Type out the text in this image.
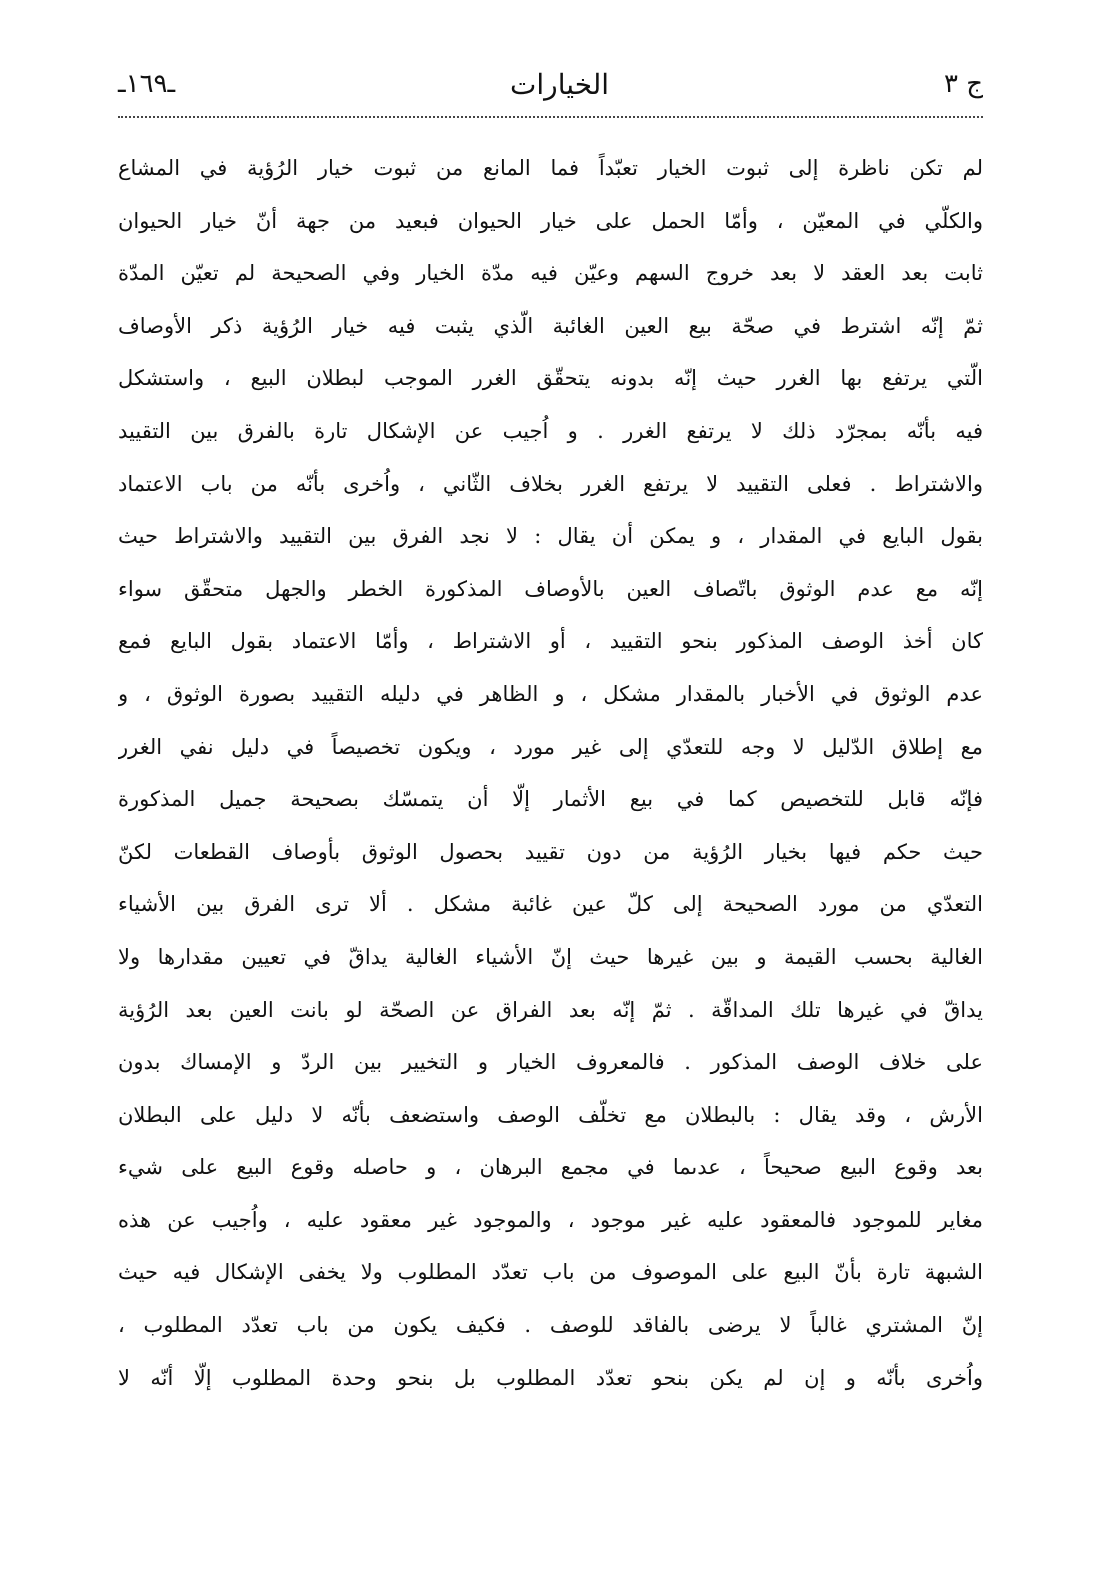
ج ٣
الخيارات
ـ١٦٩ـ
لم تكن ناظرة إلى ثبوت الخيار تعبّداً فما المانع من ثبوت خيار الرُؤية في المشاع
والكلّي في المعيّن ، وأمّا الحمل على خيار الحيوان فبعيد من جهة أنّ خيار الحيوان
ثابت بعد العقد لا بعد خروج السهم وعيّن فيه مدّة الخيار وفي الصحيحة لم تعيّن المدّة
ثمّ إنّه اشترط في صحّة بيع العين الغائبة الّذي يثبت فيه خيار الرُؤية ذكر الأوصاف
الّتي يرتفع بها الغرر حيث إنّه بدونه يتحقّق الغرر الموجب لبطلان البيع ، واستشكل
فيه بأنّه بمجرّد ذلك لا يرتفع الغرر . و اُجيب عن الإشكال تارة بالفرق بين التقييد
والاشتراط . فعلى التقييد لا يرتفع الغرر بخلاف الثّاني ، واُخرى بأنّه من باب الاعتماد
بقول البايع في المقدار ، و يمكن أن يقال : لا نجد الفرق بين التقييد والاشتراط حيث
إنّه مع عدم الوثوق باتّصاف العين بالأوصاف المذكورة الخطر والجهل متحقّق سواء
كان أخذ الوصف المذكور بنحو التقييد ، أو الاشتراط ، وأمّا الاعتماد بقول البايع فمع
عدم الوثوق في الأخبار بالمقدار مشكل ، و الظاهر في دليله التقييد بصورة الوثوق ، و
مع إطلاق الدّليل لا وجه للتعدّي إلى غير مورد ، ويكون تخصيصاً في دليل نفي الغرر
فإنّه قابل للتخصيص كما في بيع الأثمار إلّا أن يتمسّك بصحيحة جميل المذكورة
حيث حكم فيها بخيار الرُؤية من دون تقييد بحصول الوثوق بأوصاف القطعات لكنّ
التعدّي من مورد الصحيحة إلى كلّ عين غائبة مشكل . ألا ترى الفرق بين الأشياء
الغالية بحسب القيمة و بين غيرها حيث إنّ الأشياء الغالية يداقّ في تعيين مقدارها ولا
يداقّ في غيرها تلك المداقّة . ثمّ إنّه بعد الفراق عن الصحّة لو بانت العين بعد الرُؤية
على خلاف الوصف المذكور . فالمعروف الخيار و التخيير بين الردّ و الإمساك بدون
الأرش ، وقد يقال : بالبطلان مع تخلّف الوصف واستضعف بأنّه لا دليل على البطلان
بعد وقوع البيع صحيحاً ، عدىما في مجمع البرهان ، و حاصله وقوع البيع على شيء
مغاير للموجود فالمعقود عليه غير موجود ، والموجود غير معقود عليه ، واُجيب عن هذه
الشبهة تارة بأنّ البيع على الموصوف من باب تعدّد المطلوب ولا يخفى الإشكال فيه حيث
إنّ المشتري غالباً لا يرضى بالفاقد للوصف . فكيف يكون من باب تعدّد المطلوب ،
واُخرى بأنّه و إن لم يكن بنحو تعدّد المطلوب بل بنحو وحدة المطلوب إلّا أنّه لا
